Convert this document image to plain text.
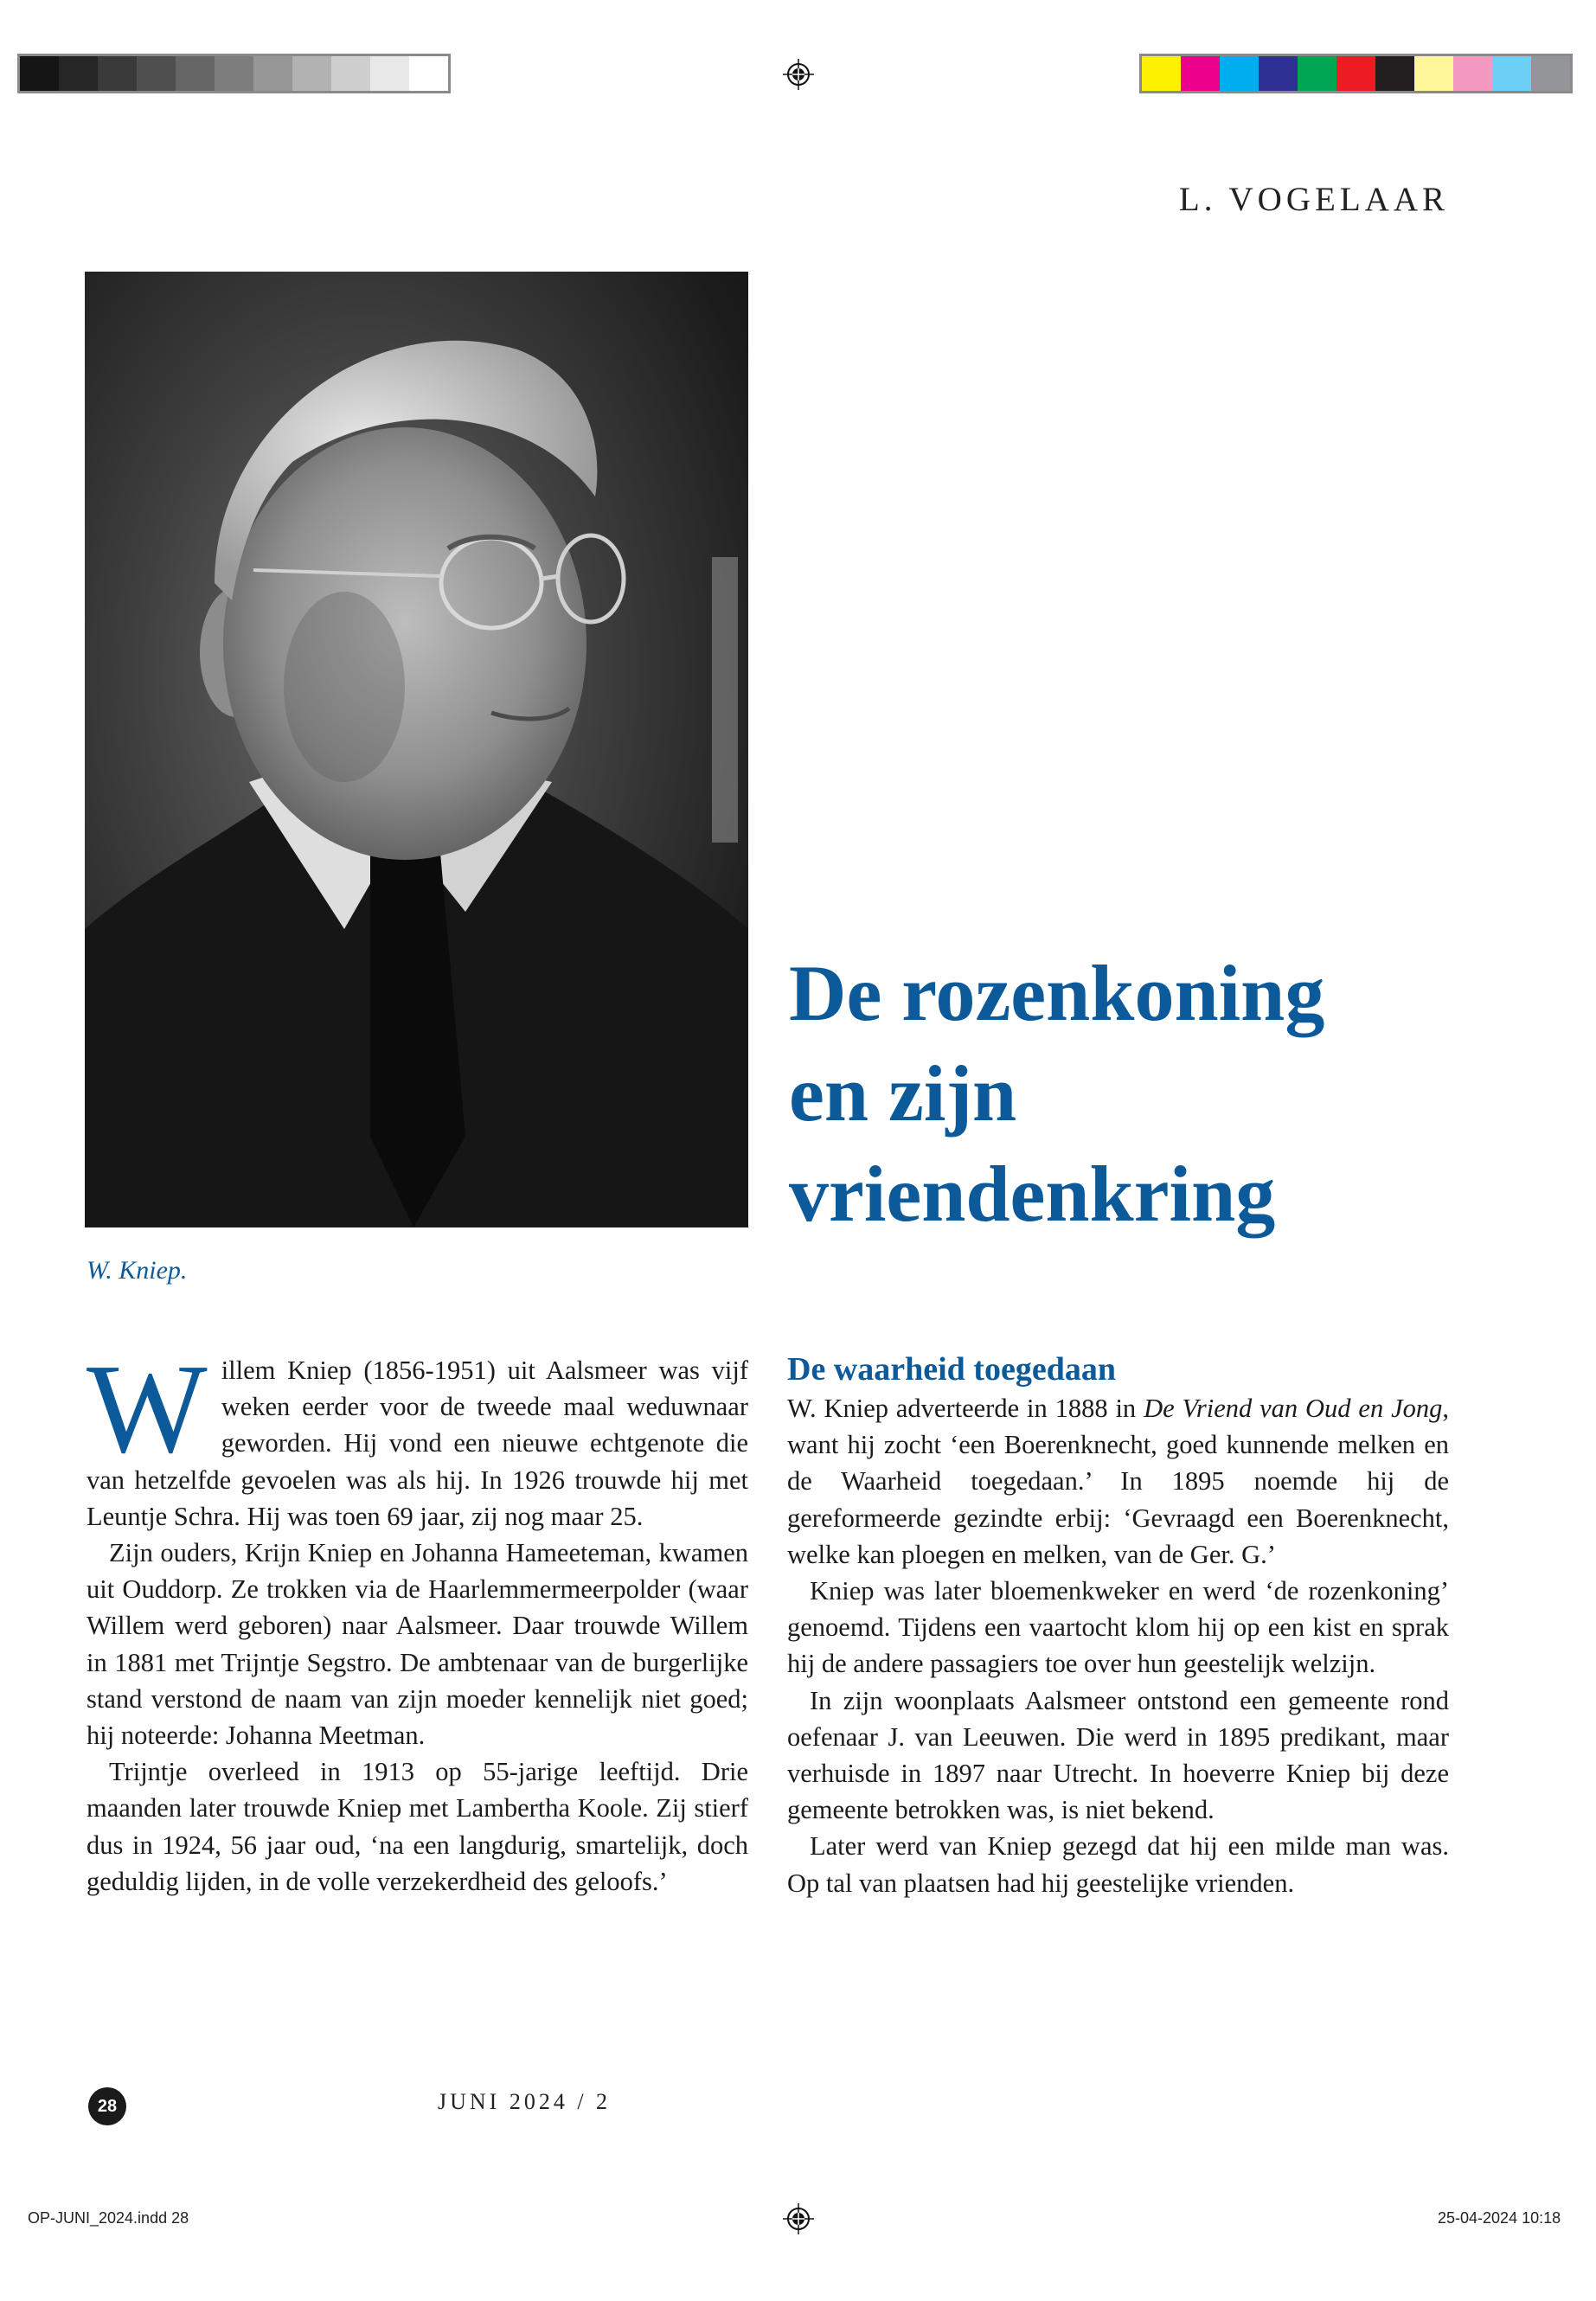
L. VOGELAAR
W. Kniep.
De rozenkoning
en zijn
vriendenkring

Willem Kniep (1856-1951) uit Aalsmeer was vijf weken eerder voor de tweede maal weduwnaar geworden. Hij vond een nieuwe echtgenote die van hetzelfde gevoelen was als hij. In 1926 trouwde hij met Leuntje Schra. Hij was toen 69 jaar, zij nog maar 25.

Zijn ouders, Krijn Kniep en Johanna Hameeteman, kwamen uit Ouddorp. Ze trokken via de Haarlemmermeerpolder (waar Willem werd geboren) naar Aalsmeer. Daar trouwde Willem in 1881 met Trijntje Segstro. De ambtenaar van de burgerlijke stand verstond de naam van zijn moeder kennelijk niet goed; hij noteerde: Johanna Meetman.

Trijntje overleed in 1913 op 55-jarige leeftijd. Drie maanden later trouwde Kniep met Lambertha Koole. Zij stierf dus in 1924, 56 jaar oud, ‘na een langdurig, smartelijk, doch geduldig lijden, in de volle verzekerdheid des geloofs.’

De waarheid toegedaan

W. Kniep adverteerde in 1888 in De Vriend van Oud en Jong, want hij zocht ‘een Boerenknecht, goed kunnende melken en de Waarheid toegedaan.’ In 1895 noemde hij de gereformeerde gezindte erbij: ‘Gevraagd een Boerenknecht, welke kan ploegen en melken, van de Ger. G.’

Kniep was later bloemenkweker en werd ‘de rozenkoning’ genoemd. Tijdens een vaartocht klom hij op een kist en sprak hij de andere passagiers toe over hun geestelijk welzijn.

In zijn woonplaats Aalsmeer ontstond een gemeente rond oefenaar J. van Leeuwen. Die werd in 1895 predikant, maar verhuisde in 1897 naar Utrecht. In hoeverre Kniep bij deze gemeente betrokken was, is niet bekend.

Later werd van Kniep gezegd dat hij een milde man was. Op tal van plaatsen had hij geestelijke vrienden.

28	JUNI 2024 / 2
OP-JUNI_2024.indd 28	25-04-2024 10:18
